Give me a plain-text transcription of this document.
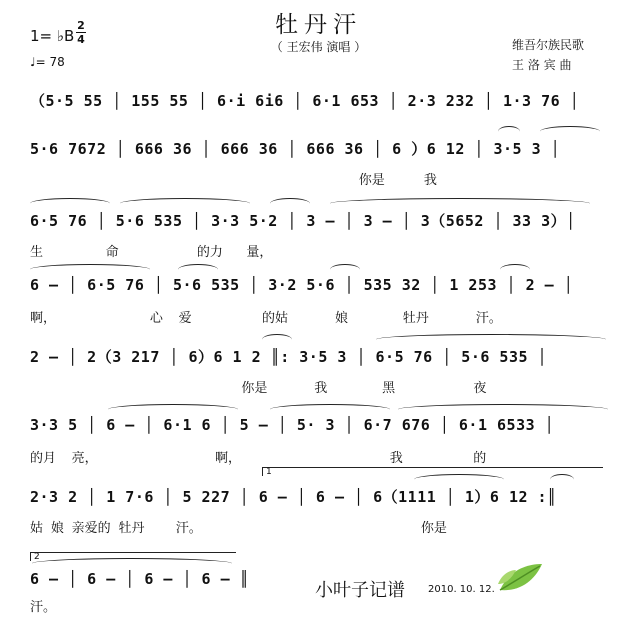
牡丹汗
（ 王宏伟 演唱 ）
1= ♭B
2
4
♩= 78
维吾尔族民歌
王 洛 宾 曲
（5·5 55 │ 155 55 │ 6·i 6i6 │ 6·1 653 │ 2·3 232 │ 1·3 76 │
5·6 7672 │ 666 36 │ 666 36 │ 666 36 │ 6 ）6 12 │ 3·5 3 │
你是     我
6·5 76 │ 5·6 535 │ 3·3 5·2 │ 3 – │ 3 – │ 3（5652 │ 33 3）│
生        命          的力   量，
6 – │ 6·5 76 │ 5·6 535 │ 3·2 5·6 │ 535 32 │ 1 253 │ 2 – │
啊，            心  爱         的姑      娘       牡丹      汗。
2 – │ 2（3 217 │ 6）6 1 2 ║: 3·5 3 │ 6·5 76 │ 5·6 535 │
你是      我       黑          夜
3·3 5 │ 6 – │ 6·1 6 │ 5 – │ 5· 3 │ 6·7 676 │ 6·1 6533 │
的月  亮，               啊，                   我         的
1
2·3 2 │ 1 7·6 │ 5 227 │ 6 – │ 6 – │ 6（1111 │ 1）6 12 :║
姑 娘 亲爱的 牡丹    汗。                            你是
2
6 – │ 6 – │ 6 – │ 6 – ║
汗。
小叶子记谱 2010. 10. 12.
